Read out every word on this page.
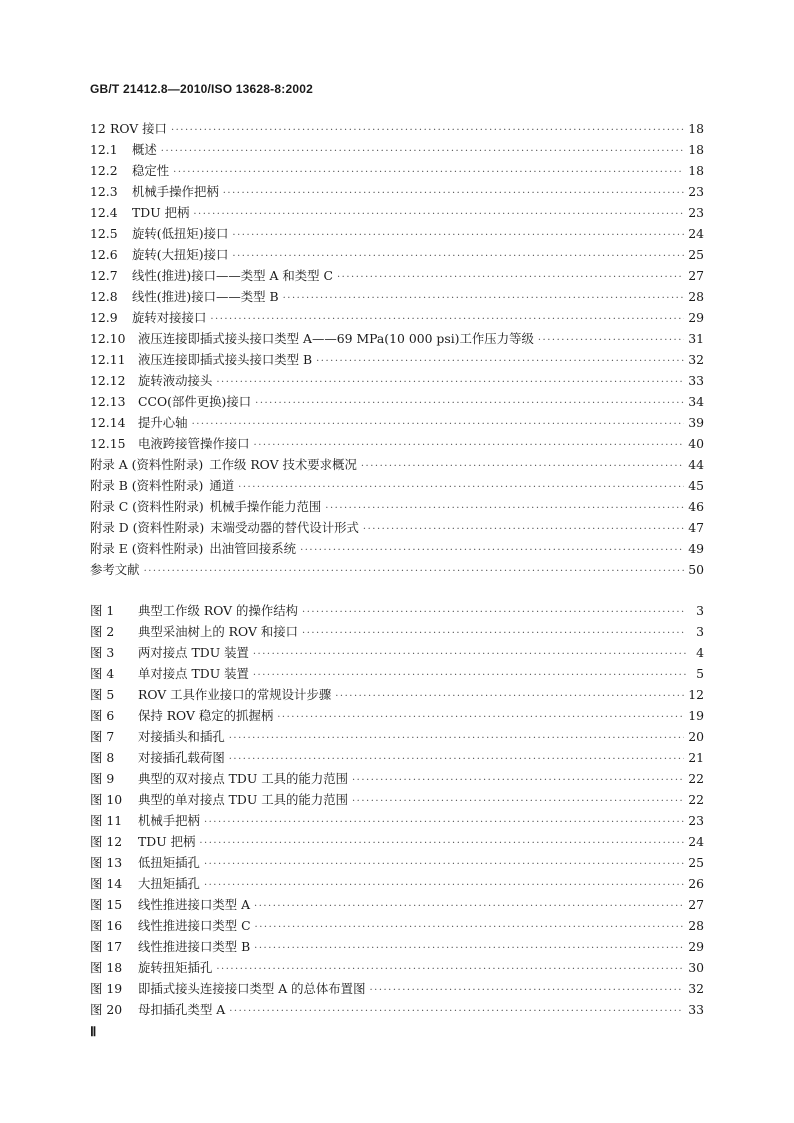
GB/T 21412.8—2010/ISO 13628-8:2002
12 ROV 接口 ·····	18
12.1	概述 ·····	18
12.2	稳定性 ·····	18
12.3	机械手操作把柄 ·····	23
12.4	TDU 把柄 ·····	23
12.5	旋转(低扭矩)接口 ·····	24
12.6	旋转(大扭矩)接口 ·····	25
12.7	线性(推进)接口——类型 A 和类型 C ·····	27
12.8	线性(推进)接口——类型 B ·····	28
12.9	旋转对接接口 ·····	29
12.10	液压连接即插式接头接口类型 A——69 MPa(10 000 psi)工作压力等级 ·····	31
12.11	液压连接即插式接头接口类型 B ·····	32
12.12	旋转液动接头 ·····	33
12.13	CCO(部件更换)接口 ·····	34
12.14	提升心轴 ·····	39
12.15	电液跨接管操作接口 ·····	40
附录 A (资料性附录) 工作级 ROV 技术要求概况 ·····	44
附录 B (资料性附录) 通道 ·····	45
附录 C (资料性附录) 机械手操作能力范围 ·····	46
附录 D (资料性附录) 末端受动器的替代设计形式 ·····	47
附录 E (资料性附录) 出油管回接系统 ·····	49
参考文献 ·····	50
图 1	典型工作级 ROV 的操作结构 ·····	3
图 2	典型采油树上的 ROV 和接口 ·····	3
图 3	两对接点 TDU 装置 ·····	4
图 4	单对接点 TDU 装置 ·····	5
图 5	ROV 工具作业接口的常规设计步骤 ·····	12
图 6	保持 ROV 稳定的抓握柄 ·····	19
图 7	对接插头和插孔 ·····	20
图 8	对接插孔载荷图 ·····	21
图 9	典型的双对接点 TDU 工具的能力范围 ·····	22
图 10	典型的单对接点 TDU 工具的能力范围 ·····	22
图 11	机械手把柄 ·····	23
图 12	TDU 把柄 ·····	24
图 13	低扭矩插孔 ·····	25
图 14	大扭矩插孔 ·····	26
图 15	线性推进接口类型 A ·····	27
图 16	线性推进接口类型 C ·····	28
图 17	线性推进接口类型 B ·····	29
图 18	旋转扭矩插孔 ·····	30
图 19	即插式接头连接接口类型 A 的总体布置图 ·····	32
图 20	母扣插孔类型 A ·····	33
Ⅱ
